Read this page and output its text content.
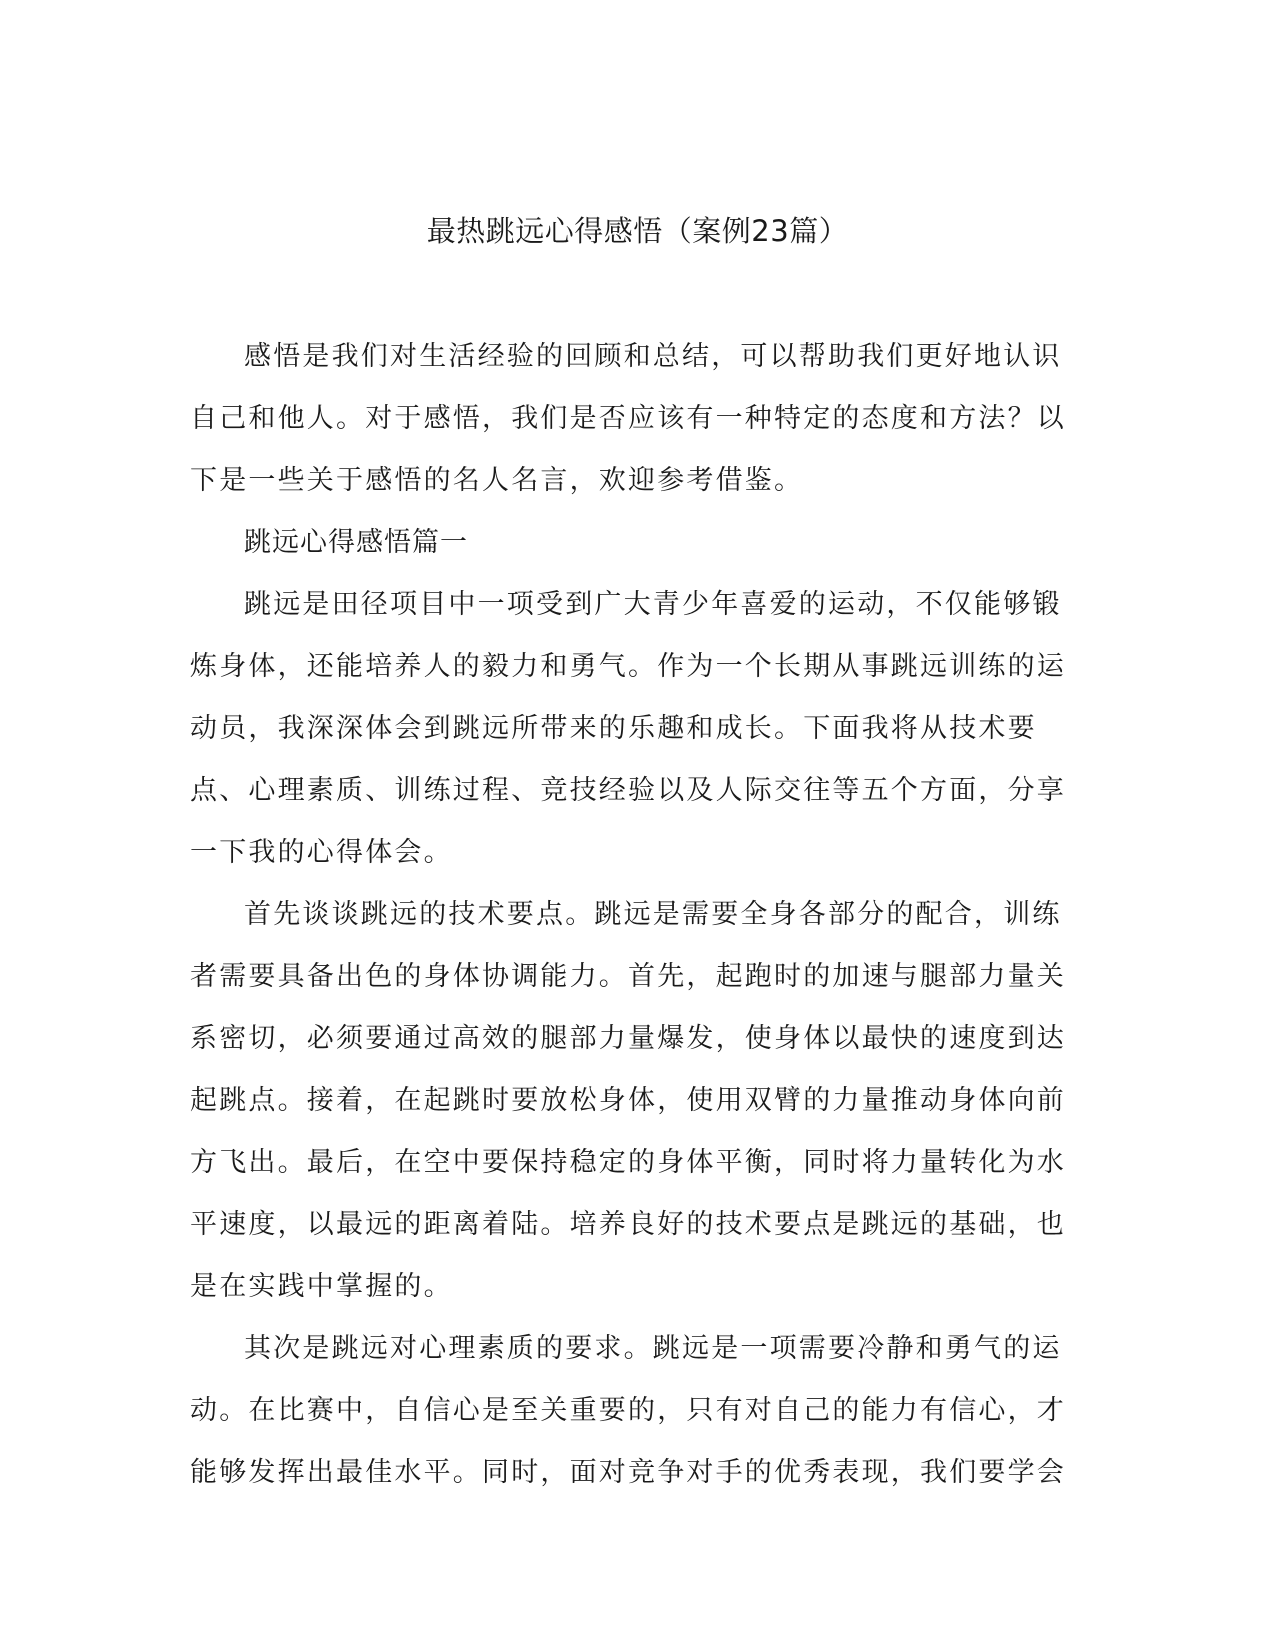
最热跳远心得感悟（案例23篇）

感悟是我们对生活经验的回顾和总结，可以帮助我们更好地认识自己和他人。对于感悟，我们是否应该有一种特定的态度和方法？以下是一些关于感悟的名人名言，欢迎参考借鉴。

跳远心得感悟篇一

跳远是田径项目中一项受到广大青少年喜爱的运动，不仅能够锻炼身体，还能培养人的毅力和勇气。作为一个长期从事跳远训练的运动员，我深深体会到跳远所带来的乐趣和成长。下面我将从技术要点、心理素质、训练过程、竞技经验以及人际交往等五个方面，分享一下我的心得体会。

首先谈谈跳远的技术要点。跳远是需要全身各部分的配合，训练者需要具备出色的身体协调能力。首先，起跑时的加速与腿部力量关系密切，必须要通过高效的腿部力量爆发，使身体以最快的速度到达起跳点。接着，在起跳时要放松身体，使用双臂的力量推动身体向前方飞出。最后，在空中要保持稳定的身体平衡，同时将力量转化为水平速度，以最远的距离着陆。培养良好的技术要点是跳远的基础，也是在实践中掌握的。

其次是跳远对心理素质的要求。跳远是一项需要冷静和勇气的运动。在比赛中，自信心是至关重要的，只有对自己的能力有信心，才能够发挥出最佳水平。同时，面对竞争对手的优秀表现，我们要学会
